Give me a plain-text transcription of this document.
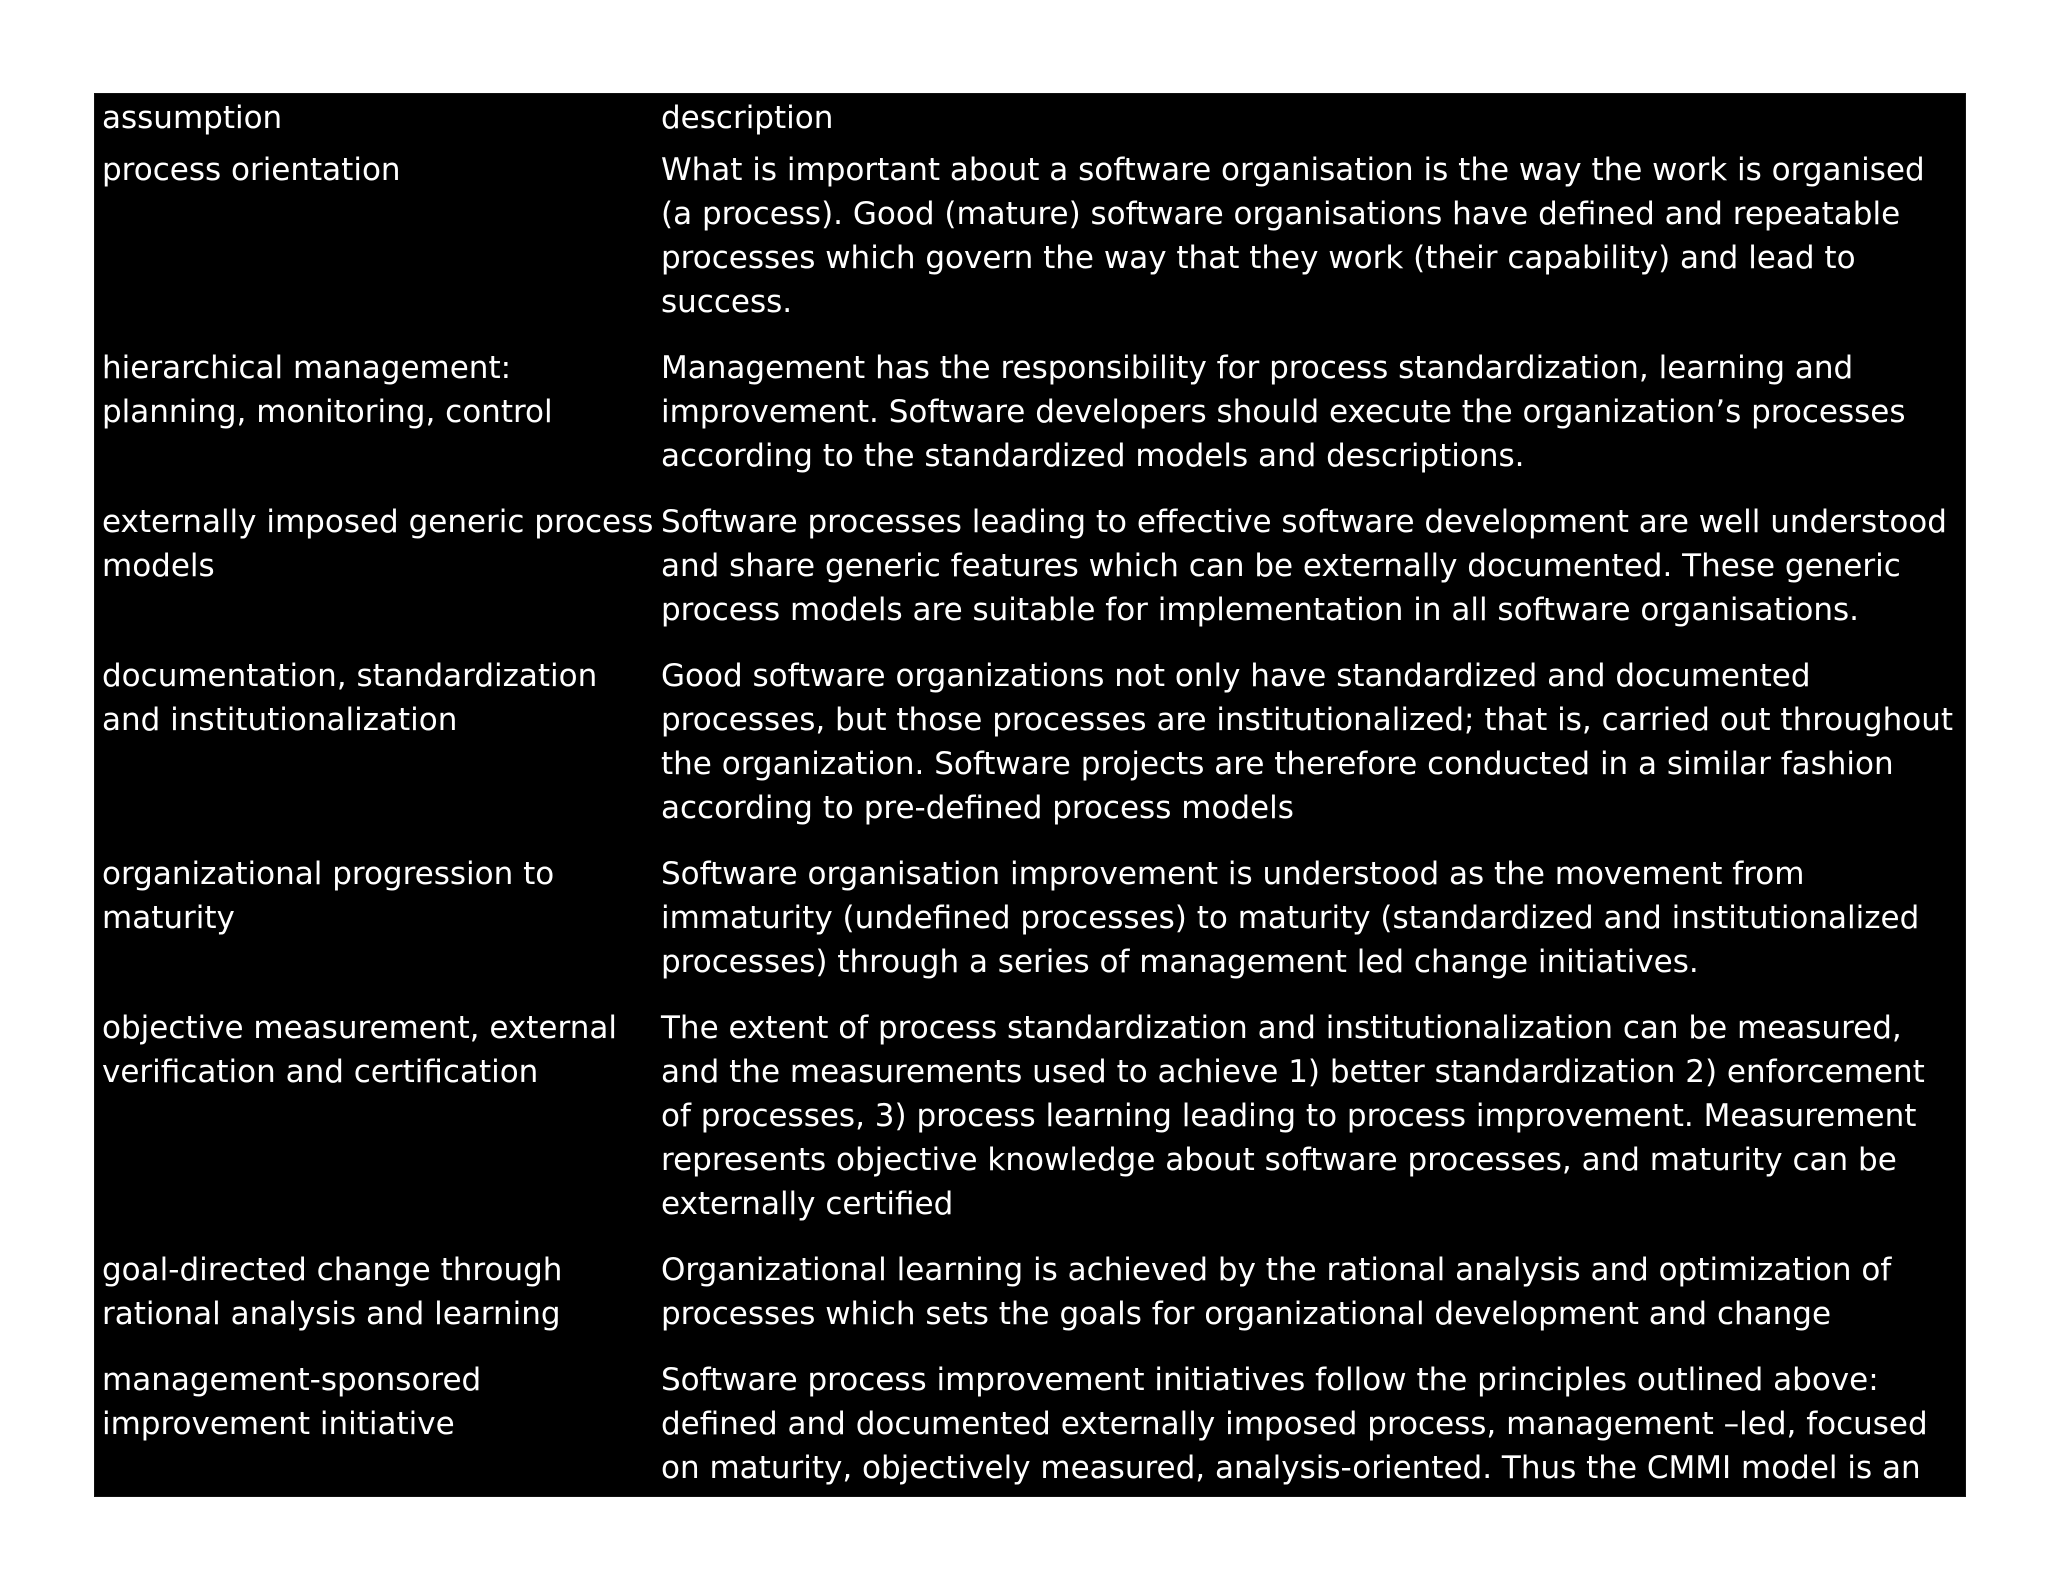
assumption	description
process orientation	What is important about a software organisation is the way the work is organised (a process). Good (mature) software organisations have defined and repeatable processes which govern the way that they work (their capability) and lead to success.
hierarchical management: planning, monitoring, control	Management has the responsibility for process standardization, learning and improvement. Software developers should execute the organization’s processes according to the standardized models and descriptions.
externally imposed generic process models	Software processes leading to effective software development are well understood and share generic features which can be externally documented. These generic process models are suitable for implementation in all software organisations.
documentation, standardization and institutionalization	Good software organizations not only have standardized and documented processes, but those processes are institutionalized; that is, carried out throughout the organization. Software projects are therefore conducted in a similar fashion according to pre-defined process models
organizational progression to maturity	Software organisation improvement is understood as the movement from immaturity (undefined processes) to maturity (standardized and institutionalized processes) through a series of management led change initiatives.
objective measurement, external verification and certification	The extent of process standardization and institutionalization can be measured, and the measurements used to achieve 1) better standardization 2) enforcement of processes, 3) process learning leading to process improvement. Measurement represents objective knowledge about software processes, and maturity can be externally certified
goal-directed change through rational analysis and learning	Organizational learning is achieved by the rational analysis and optimization of processes which sets the goals for organizational development and change
management-sponsored improvement initiative	Software process improvement initiatives follow the principles outlined above: defined and documented externally imposed process, management –led, focused on maturity, objectively measured, analysis-oriented. Thus the CMMI model is an extensive, externally imposed process plan
